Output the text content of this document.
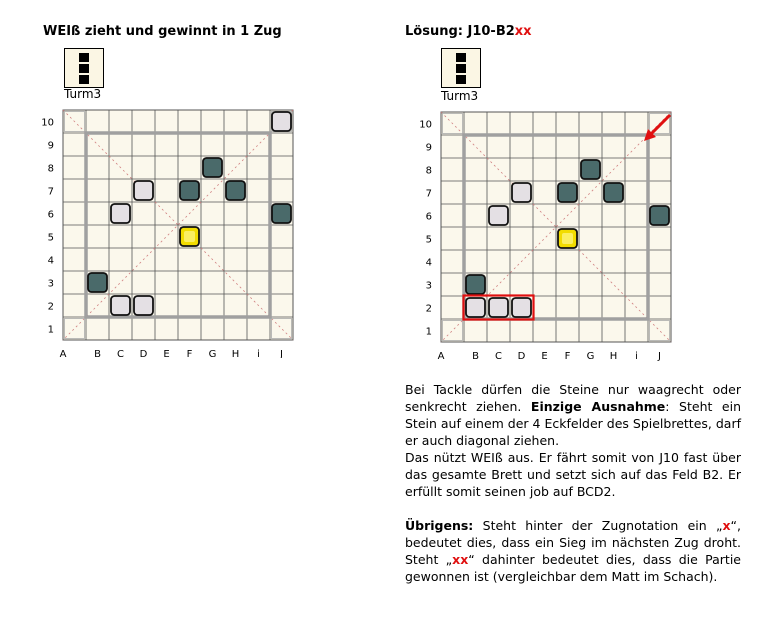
WEIß zieht und gewinnt in 1 Zug
Turm3
10
9
8
7
6
5
4
3
2
1
A	B C D E F G H i J
Lösung: J10-B2xx
Turm3
10
9
8
7
6
5
4
3
2
1
A	B C D E F G H i J

Bei Tackle dürfen die Steine nur waagrecht oder senkrecht ziehen. Einzige Ausnahme: Steht ein Stein auf einem der 4 Eckfelder des Spielbrettes, darf er auch diagonal ziehen.

Das nützt WEIß aus. Er fährt somit von J10 fast über das gesamte Brett und setzt sich auf das Feld B2. Er erfüllt somit seinen job auf BCD2.

Übrigens: Steht hinter der Zugnotation ein „x“, bedeutet dies, dass ein Sieg im nächsten Zug droht. Steht „xx“ dahinter bedeutet dies, dass die Partie gewonnen ist (vergleichbar dem Matt im Schach).
